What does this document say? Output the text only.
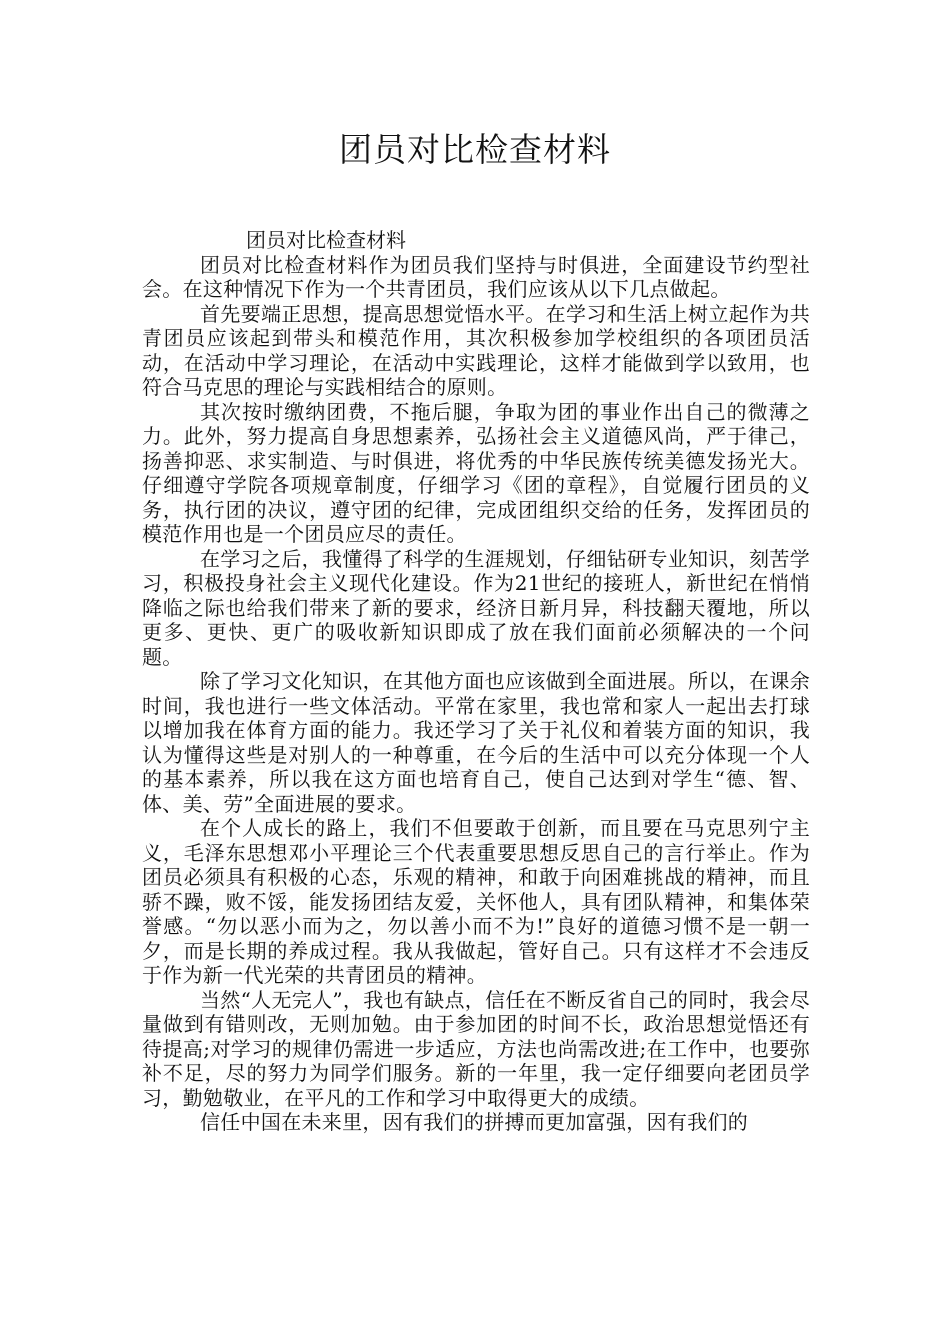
团员对比检查材料

团员对比检查材料

团员对比检查材料作为团员我们坚持与时俱进，全面建设节约型社会。在这种情况下作为一个共青团员，我们应该从以下几点做起。

首先要端正思想，提高思想觉悟水平。在学习和生活上树立起作为共青团员应该起到带头和模范作用，其次积极参加学校组织的各项团员活动，在活动中学习理论，在活动中实践理论，这样才能做到学以致用，也符合马克思的理论与实践相结合的原则。

其次按时缴纳团费，不拖后腿，争取为团的事业作出自己的微薄之力。此外，努力提高自身思想素养，弘扬社会主义道德风尚，严于律己，扬善抑恶、求实制造、与时俱进，将优秀的中华民族传统美德发扬光大。仔细遵守学院各项规章制度，仔细学习《团的章程》，自觉履行团员的义务，执行团的决议，遵守团的纪律，完成团组织交给的任务，发挥团员的模范作用也是一个团员应尽的责任。

在学习之后，我懂得了科学的生涯规划，仔细钻研专业知识，刻苦学习，积极投身社会主义现代化建设。作为21世纪的接班人，新世纪在悄悄降临之际也给我们带来了新的要求，经济日新月异，科技翻天覆地，所以更多、更快、更广的吸收新知识即成了放在我们面前必须解决的一个问题。

除了学习文化知识，在其他方面也应该做到全面进展。所以，在课余时间，我也进行一些文体活动。平常在家里，我也常和家人一起出去打球以增加我在体育方面的能力。我还学习了关于礼仪和着装方面的知识，我认为懂得这些是对别人的一种尊重，在今后的生活中可以充分体现一个人的基本素养，所以我在这方面也培育自己，使自己达到对学生“德、智、体、美、劳”全面进展的要求。

在个人成长的路上，我们不但要敢于创新，而且要在马克思列宁主义，毛泽东思想邓小平理论三个代表重要思想反思自己的言行举止。作为团员必须具有积极的心态，乐观的精神，和敢于向困难挑战的精神，而且骄不躁，败不馁，能发扬团结友爱，关怀他人，具有团队精神，和集体荣誉感。“勿以恶小而为之，勿以善小而不为!”良好的道德习惯不是一朝一夕，而是长期的养成过程。我从我做起，管好自己。只有这样才不会违反于作为新一代光荣的共青团员的精神。

当然“人无完人”，我也有缺点，信任在不断反省自己的同时，我会尽量做到有错则改，无则加勉。由于参加团的时间不长，政治思想觉悟还有待提高;对学习的规律仍需进一步适应，方法也尚需改进;在工作中，也要弥补不足，尽的努力为同学们服务。新的一年里，我一定仔细要向老团员学习，勤勉敬业，在平凡的工作和学习中取得更大的成绩。

信任中国在未来里，因有我们的拼搏而更加富强，因有我们的
